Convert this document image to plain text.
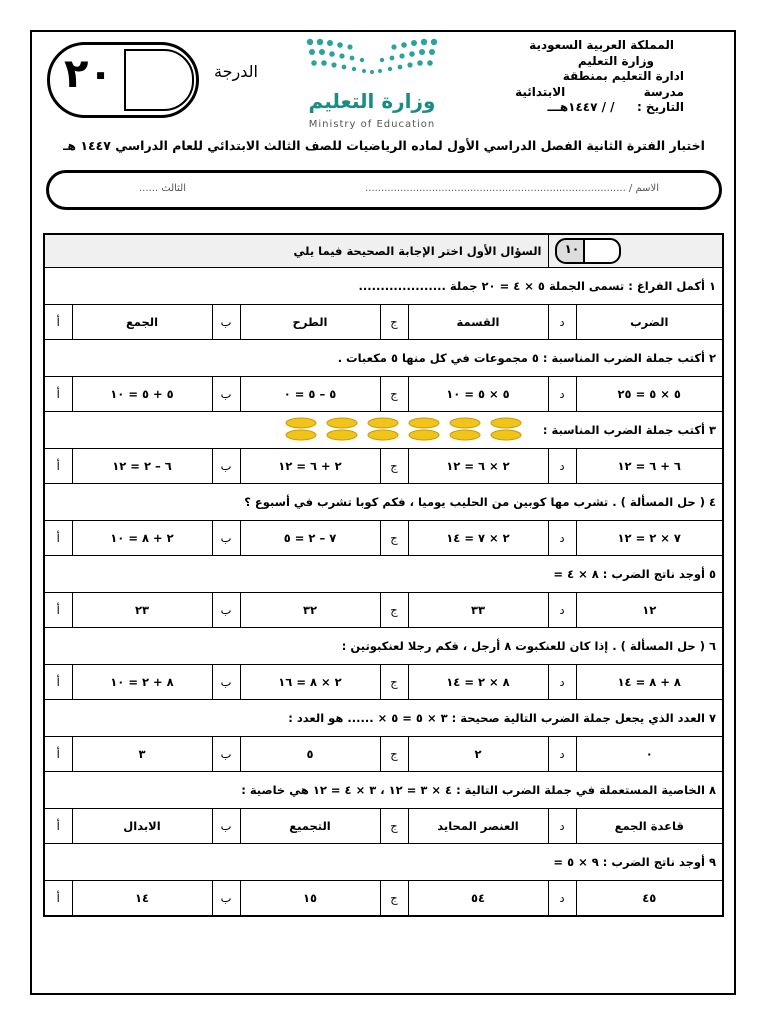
المملكة العربية السعودية
وزارة التعليم
ادارة التعليم بمنطقة
مدرسة  الابتدائية
التاريخ :  / / ١٤٤٧هـــ
وزارة التعليم
Ministry of Education
الدرجة
٢٠
اختبار الفترة الثانية الفصل الدراسي الأول لماده الرياضيات للصف الثالث الابتدائي للعام الدراسي ١٤٤٧ هـ
الاسم / ..................................................................................
الثالث ......
السؤال الأول اختر الإجابة الصحيحة فيما يلي						١٠	

١ أكمل الفراغ : تسمى الجملة ٥ × ٤ = ٢٠ جملة ....................							
أ	الجمع	ب	الطرح	ج	القسمة	د	الضرب
٢ أكتب جملة الضرب المناسبة : ٥ مجموعات في كل منها ٥ مكعبات .							
أ	٥ + ٥ = ١٠	ب	٥ – ٥ = ٠	ج	٥ × ٥ = ١٠	د	٥ × ٥ = ٢٥
٣ أكتب جملة الضرب المناسبة :							
أ	٦ – ٢ = ١٢	ب	٢ + ٦ = ١٢	ج	٢ × ٦ = ١٢	د	٦ + ٦ = ١٢
٤ ( حل المسألة ) . تشرب مها كوبين من الحليب يوميا ، فكم كوبا تشرب في أسبوع ؟							
أ	٢ + ٨ = ١٠	ب	٧ – ٢ = ٥	ج	٢ × ٧ = ١٤	د	٧ × ٢ = ١٢
٥ أوجد ناتج الضرب : ٨ × ٤ =							
أ	٢٣	ب	٣٢	ج	٣٣	د	١٢
٦ ( حل المسألة ) . إذا كان للعنكبوت ٨ أرجل ، فكم رجلا لعنكبوتين :							
أ	٨ + ٢ = ١٠	ب	٢ × ٨ = ١٦	ج	٨ × ٢ = ١٤	د	٨ + ٨ = ١٤
٧ العدد الذي يجعل جملة الضرب التالية صحيحة : ٣ × ٥ = ٥ × ...... هو العدد :							
أ	٣	ب	٥	ج	٢	د	٠
٨ الخاصية المستعملة في جملة الضرب التالية : ٤ × ٣ = ١٢ ، ٣ × ٤ = ١٢ هي خاصية :							
أ	الابدال	ب	التجميع	ج	العنصر المحايد	د	قاعدة الجمع
٩ أوجد ناتج الضرب : ٩ × ٥ =							
أ	١٤	ب	١٥	ج	٥٤	د	٤٥
